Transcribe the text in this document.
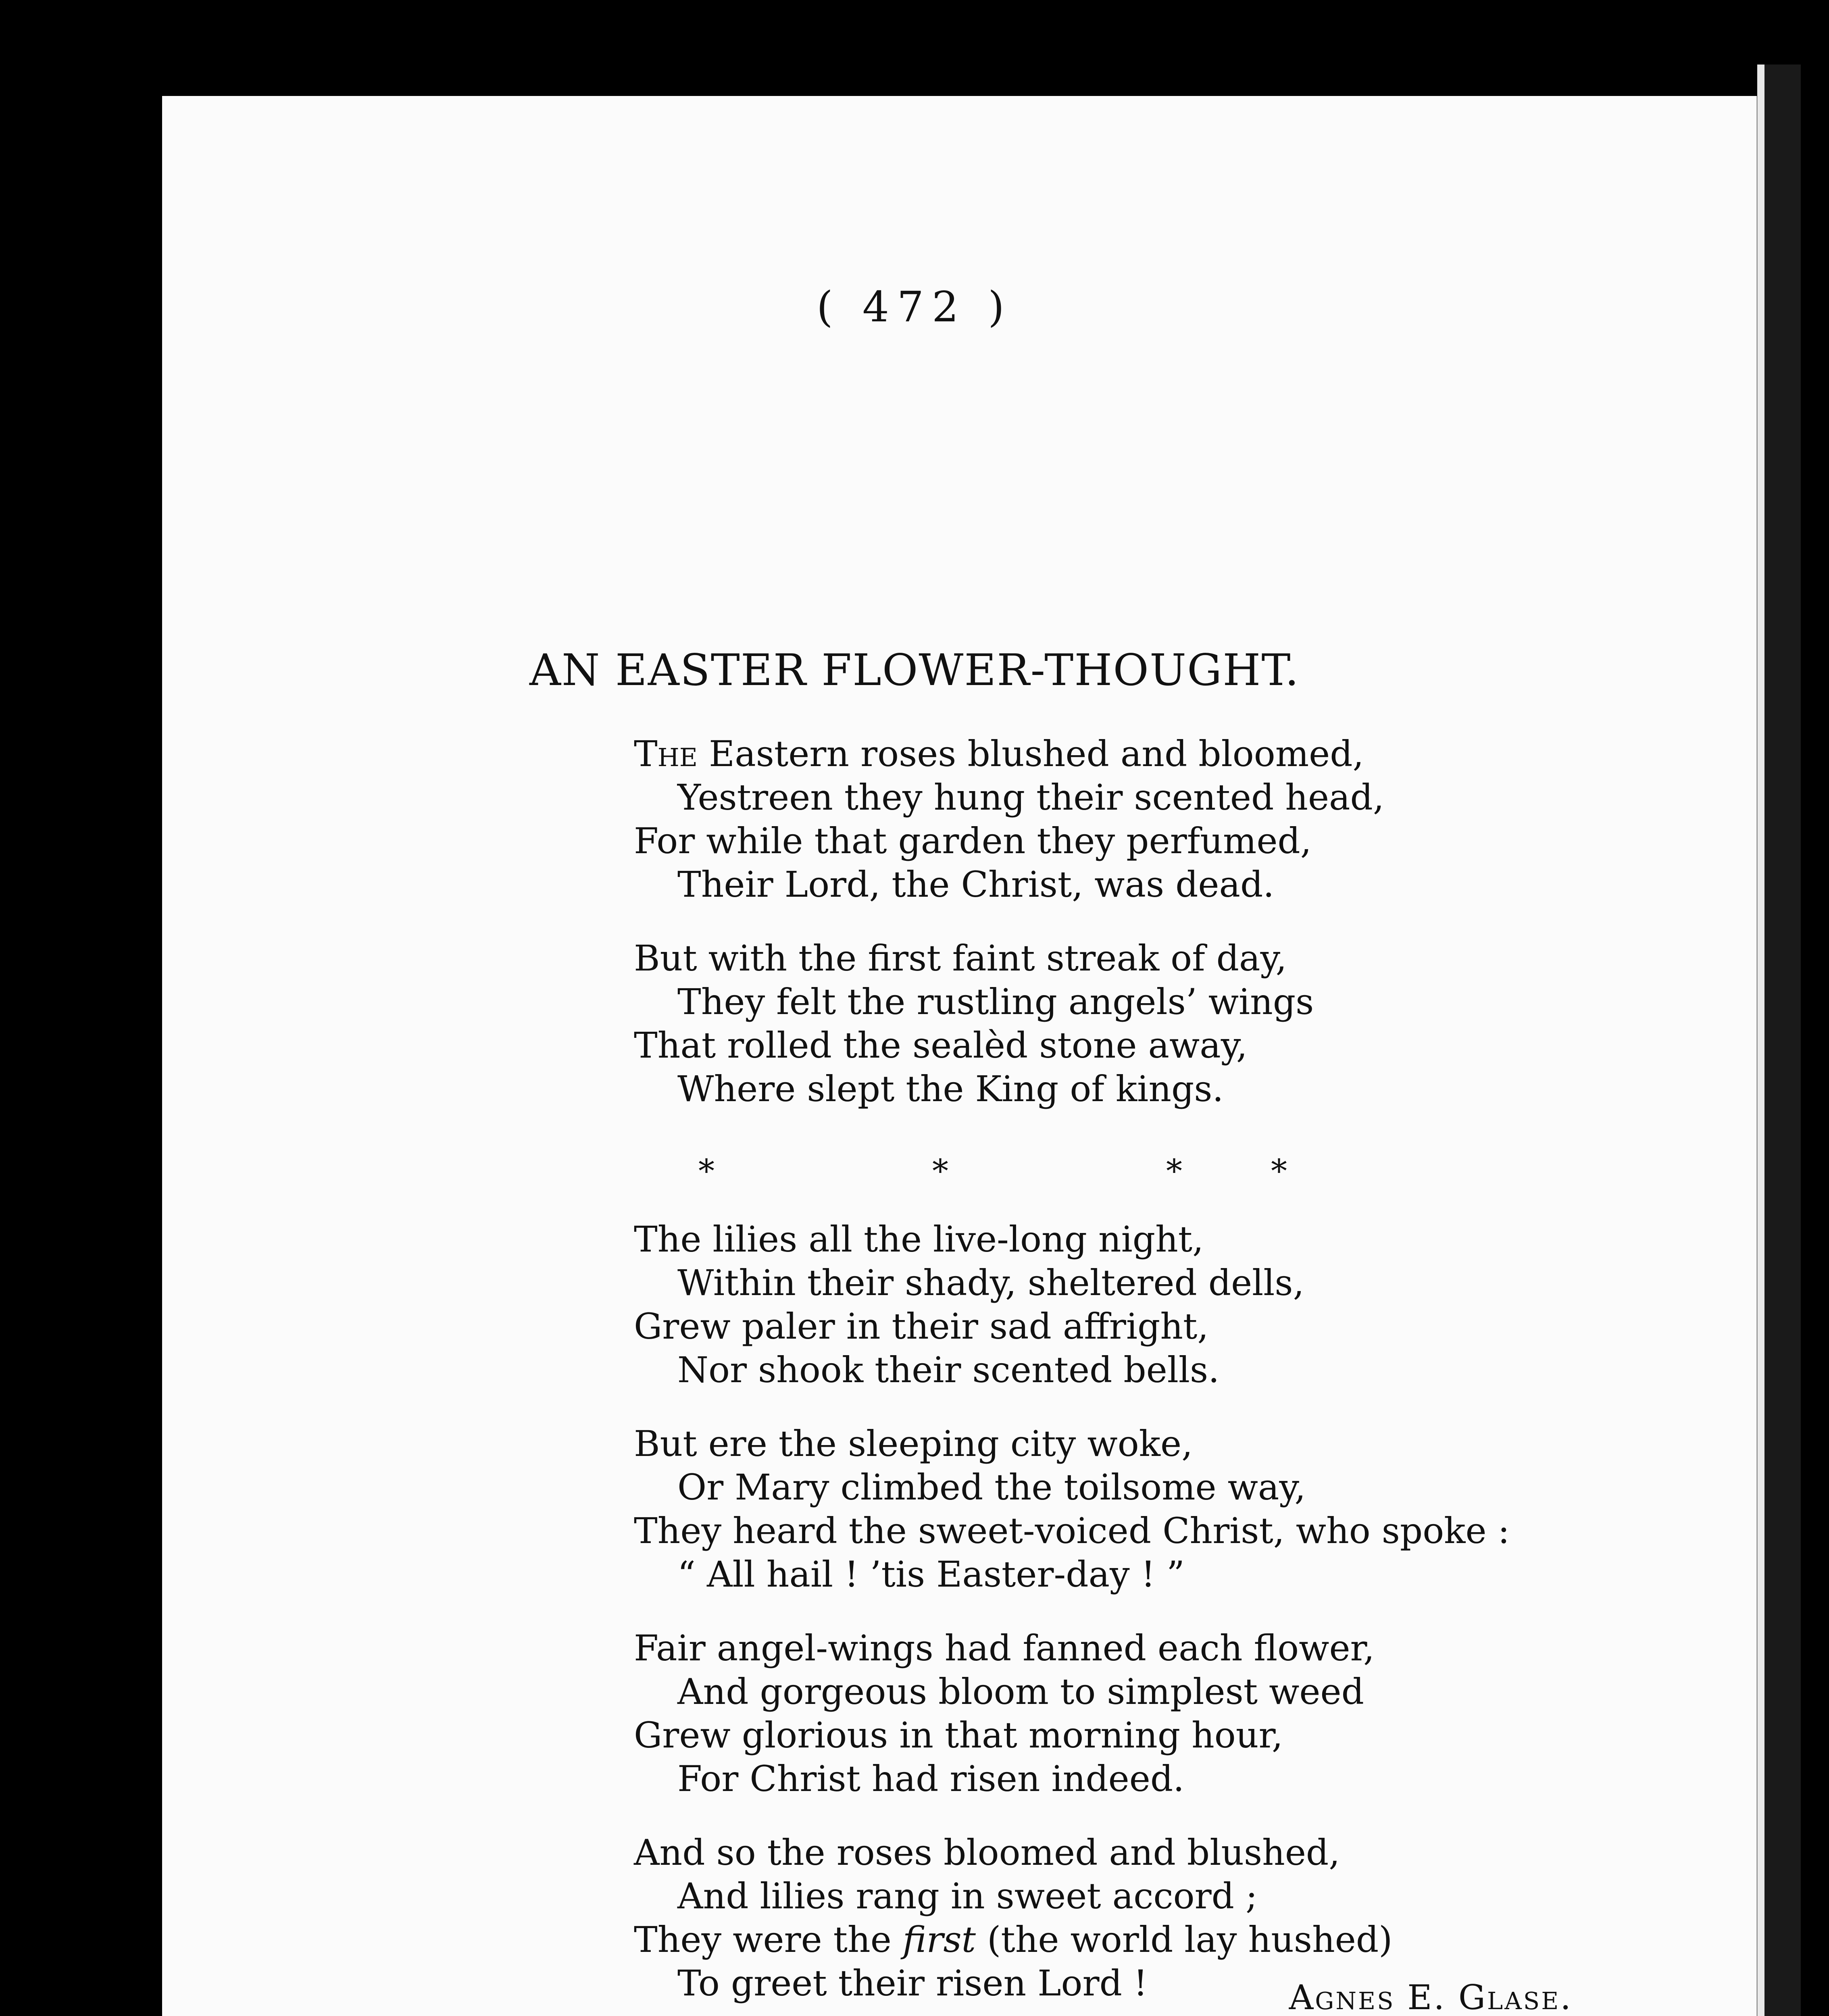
( 472 )
AN EASTER FLOWER-THOUGHT.
The Eastern roses blushed and bloomed,
Yestreen they hung their scented head,
For while that garden they perfumed,
Their Lord, the Christ, was dead.
But with the first faint streak of day,
They felt the rustling angels’ wings
That rolled the sealèd stone away,
Where slept the King of kings.
*	*	*	*
The lilies all the live-long night,
Within their shady, sheltered dells,
Grew paler in their sad affright,
Nor shook their scented bells.
But ere the sleeping city woke,
Or Mary climbed the toilsome way,
They heard the sweet-voiced Christ, who spoke :
“ All hail ! ’tis Easter-day ! ”
Fair angel-wings had fanned each flower,
And gorgeous bloom to simplest weed
Grew glorious in that morning hour,
For Christ had risen indeed.
And so the roses bloomed and blushed,
And lilies rang in sweet accord ;
They were the first (the world lay hushed)
To greet their risen Lord !	Agnes E. Glase.
